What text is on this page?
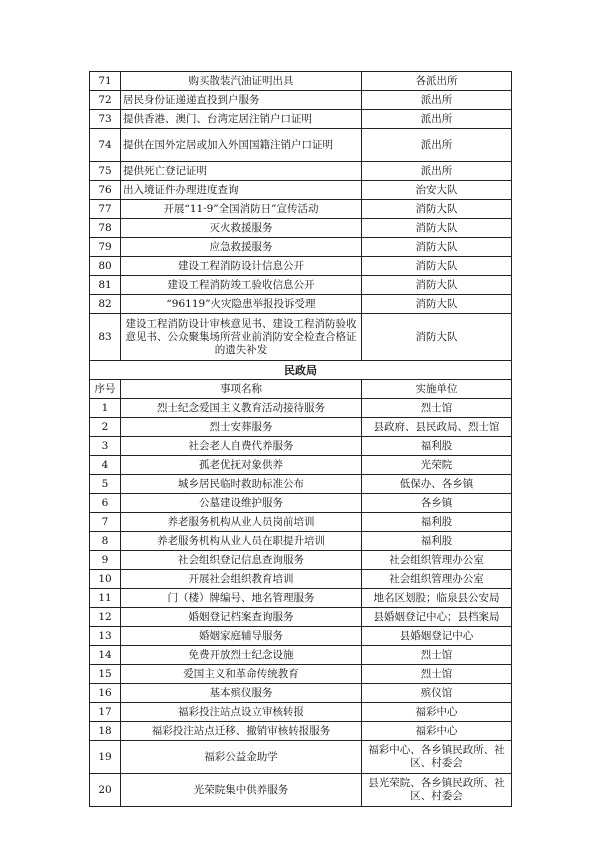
71	购买散装汽油证明出具	各派出所
72	居民身份证递递直投到户服务	派出所
73	提供香港、澳门、台湾定居注销户口证明	派出所
74	提供在国外定居或加入外国国籍注销户口证明	派出所
75	提供死亡登记证明	派出所
76	出入境证件办理进度查询	治安大队
77	开展“11·9”全国消防日”宣传活动	消防大队
78	灭火救援服务	消防大队
79	应急救援服务	消防大队
80	建设工程消防设计信息公开	消防大队
81	建设工程消防竣工验收信息公开	消防大队
82	“96119”火灾隐患举报投诉受理	消防大队
83	建设工程消防设计审核意见书、建设工程消防验收意见书、公众聚集场所营业前消防安全检查合格证的遗失补发	消防大队
民政局		
序号	事项名称	实施单位
1	烈士纪念爱国主义教育活动接待服务	烈士馆
2	烈士安葬服务	县政府、县民政局、烈士馆
3	社会老人自费代养服务	福利股
4	孤老优抚对象供养	光荣院
5	城乡居民临时救助标准公布	低保办、各乡镇
6	公墓建设维护服务	各乡镇
7	养老服务机构从业人员岗前培训	福利股
8	养老服务机构从业人员在职提升培训	福利股
9	社会组织登记信息查询服务	社会组织管理办公室
10	开展社会组织教育培训	社会组织管理办公室
11	门（楼）牌编号、地名管理服务	地名区划股；临泉县公安局
12	婚姻登记档案查询服务	县婚姻登记中心；县档案局
13	婚姻家庭辅导服务	县婚姻登记中心
14	免费开放烈士纪念设施	烈士馆
15	爱国主义和革命传统教育	烈士馆
16	基本殡仪服务	殡仪馆
17	福彩投注站点设立审核转报	福彩中心
18	福彩投注站点迁移、撤销审核转报服务	福彩中心
19	福彩公益金助学	福彩中心、各乡镇民政所、社区、村委会
20	光荣院集中供养服务	县光荣院、各乡镇民政所、社区、村委会
